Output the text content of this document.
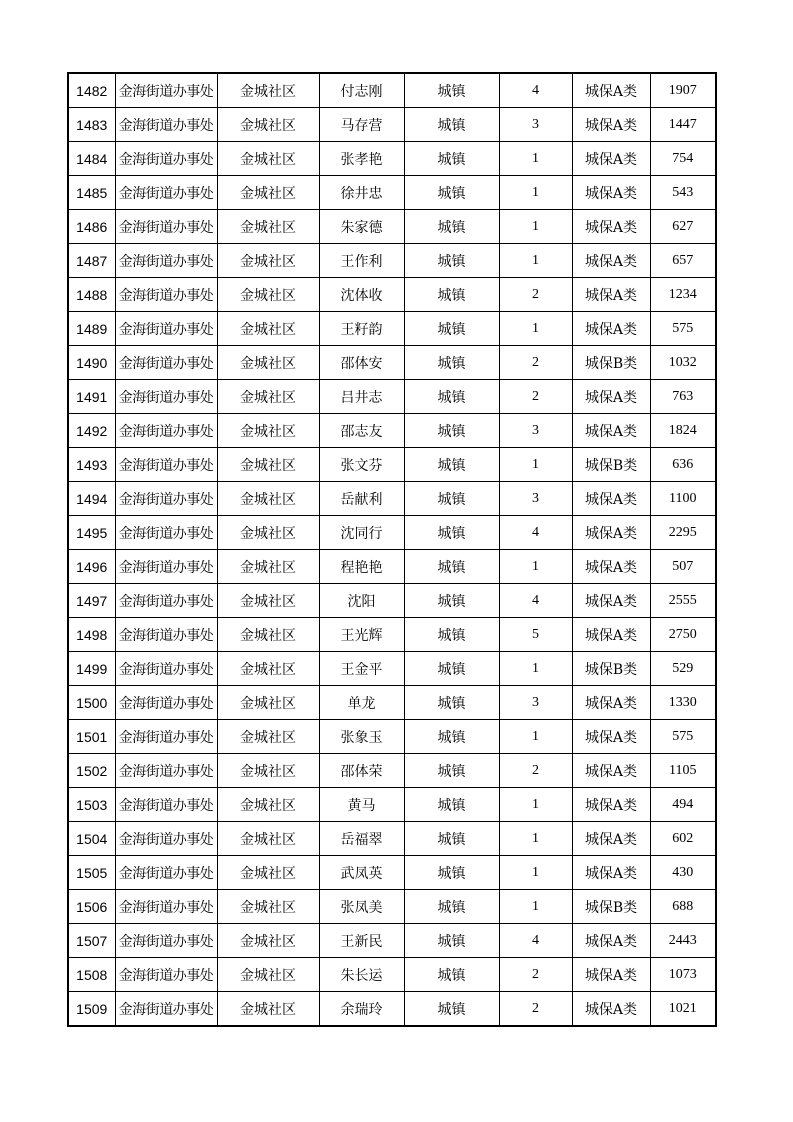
1482	金海街道办事处	金城社区	付志刚	城镇	4	城保A类	1907
1483	金海街道办事处	金城社区	马存营	城镇	3	城保A类	1447
1484	金海街道办事处	金城社区	张孝艳	城镇	1	城保A类	754
1485	金海街道办事处	金城社区	徐井忠	城镇	1	城保A类	543
1486	金海街道办事处	金城社区	朱家德	城镇	1	城保A类	627
1487	金海街道办事处	金城社区	王作利	城镇	1	城保A类	657
1488	金海街道办事处	金城社区	沈体收	城镇	2	城保A类	1234
1489	金海街道办事处	金城社区	王籽韵	城镇	1	城保A类	575
1490	金海街道办事处	金城社区	邵体安	城镇	2	城保B类	1032
1491	金海街道办事处	金城社区	吕井志	城镇	2	城保A类	763
1492	金海街道办事处	金城社区	邵志友	城镇	3	城保A类	1824
1493	金海街道办事处	金城社区	张文芬	城镇	1	城保B类	636
1494	金海街道办事处	金城社区	岳献利	城镇	3	城保A类	1100
1495	金海街道办事处	金城社区	沈同行	城镇	4	城保A类	2295
1496	金海街道办事处	金城社区	程艳艳	城镇	1	城保A类	507
1497	金海街道办事处	金城社区	沈阳	城镇	4	城保A类	2555
1498	金海街道办事处	金城社区	王光辉	城镇	5	城保A类	2750
1499	金海街道办事处	金城社区	王金平	城镇	1	城保B类	529
1500	金海街道办事处	金城社区	单龙	城镇	3	城保A类	1330
1501	金海街道办事处	金城社区	张象玉	城镇	1	城保A类	575
1502	金海街道办事处	金城社区	邵体荣	城镇	2	城保A类	1105
1503	金海街道办事处	金城社区	黄马	城镇	1	城保A类	494
1504	金海街道办事处	金城社区	岳福翠	城镇	1	城保A类	602
1505	金海街道办事处	金城社区	武凤英	城镇	1	城保A类	430
1506	金海街道办事处	金城社区	张凤美	城镇	1	城保B类	688
1507	金海街道办事处	金城社区	王新民	城镇	4	城保A类	2443
1508	金海街道办事处	金城社区	朱长运	城镇	2	城保A类	1073
1509	金海街道办事处	金城社区	余瑞玲	城镇	2	城保A类	1021
